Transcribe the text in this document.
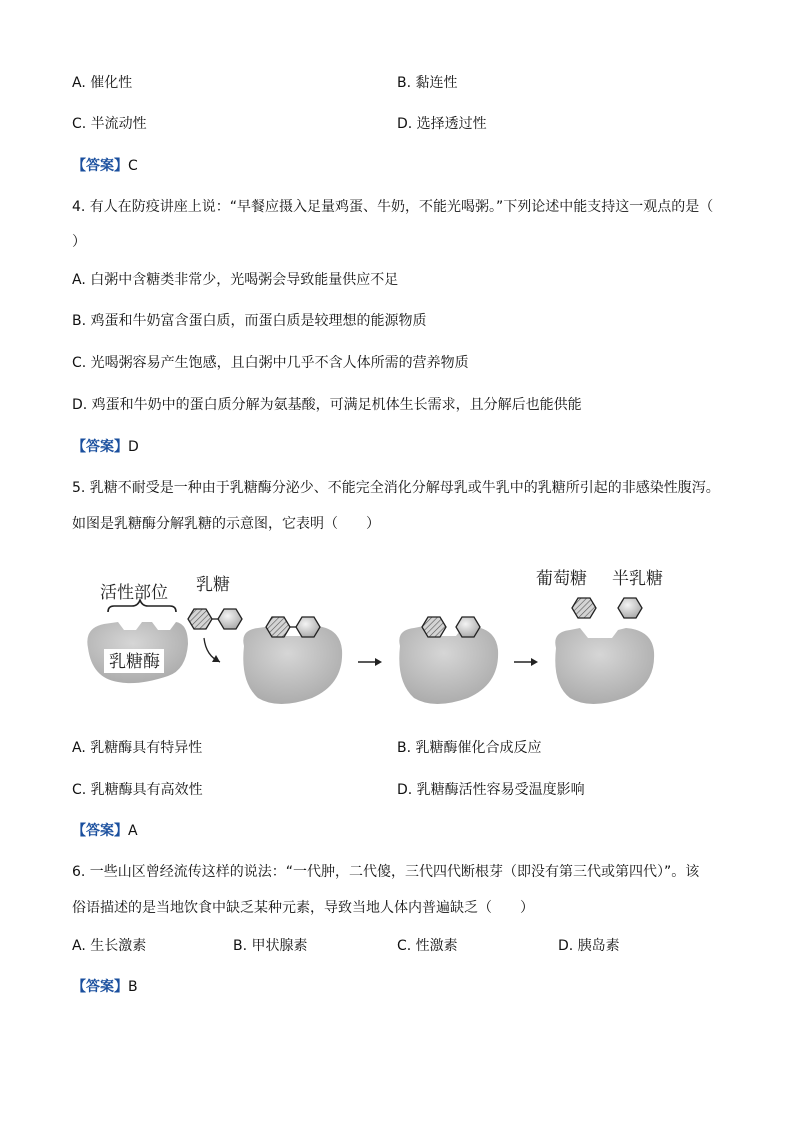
A. 催化性	B. 黏连性
C. 半流动性	D. 选择透过性
【答案】C
4. 有人在防疫讲座上说：“早餐应摄入足量鸡蛋、牛奶，不能光喝粥。”下列论述中能支持这一观点的是（
）
A. 白粥中含糖类非常少，光喝粥会导致能量供应不足
B. 鸡蛋和牛奶富含蛋白质，而蛋白质是较理想的能源物质
C. 光喝粥容易产生饱感，且白粥中几乎不含人体所需的营养物质
D. 鸡蛋和牛奶中的蛋白质分解为氨基酸，可满足机体生长需求，且分解后也能供能
【答案】D
5. 乳糖不耐受是一种由于乳糖酶分泌少、不能完全消化分解母乳或牛乳中的乳糖所引起的非感染性腹泻。
如图是乳糖酶分解乳糖的示意图，它表明（　　）
活性部位
乳糖酶
乳糖	葡萄糖 半乳糖
A. 乳糖酶具有特异性	B. 乳糖酶催化合成反应
C. 乳糖酶具有高效性	D. 乳糖酶活性容易受温度影响
【答案】A
6. 一些山区曾经流传这样的说法：“一代肿，二代傻，三代四代断根芽（即没有第三代或第四代）”。该
俗语描述的是当地饮食中缺乏某种元素，导致当地人体内普遍缺乏（　　）
A. 生长激素	B. 甲状腺素	C. 性激素	D. 胰岛素
【答案】B
